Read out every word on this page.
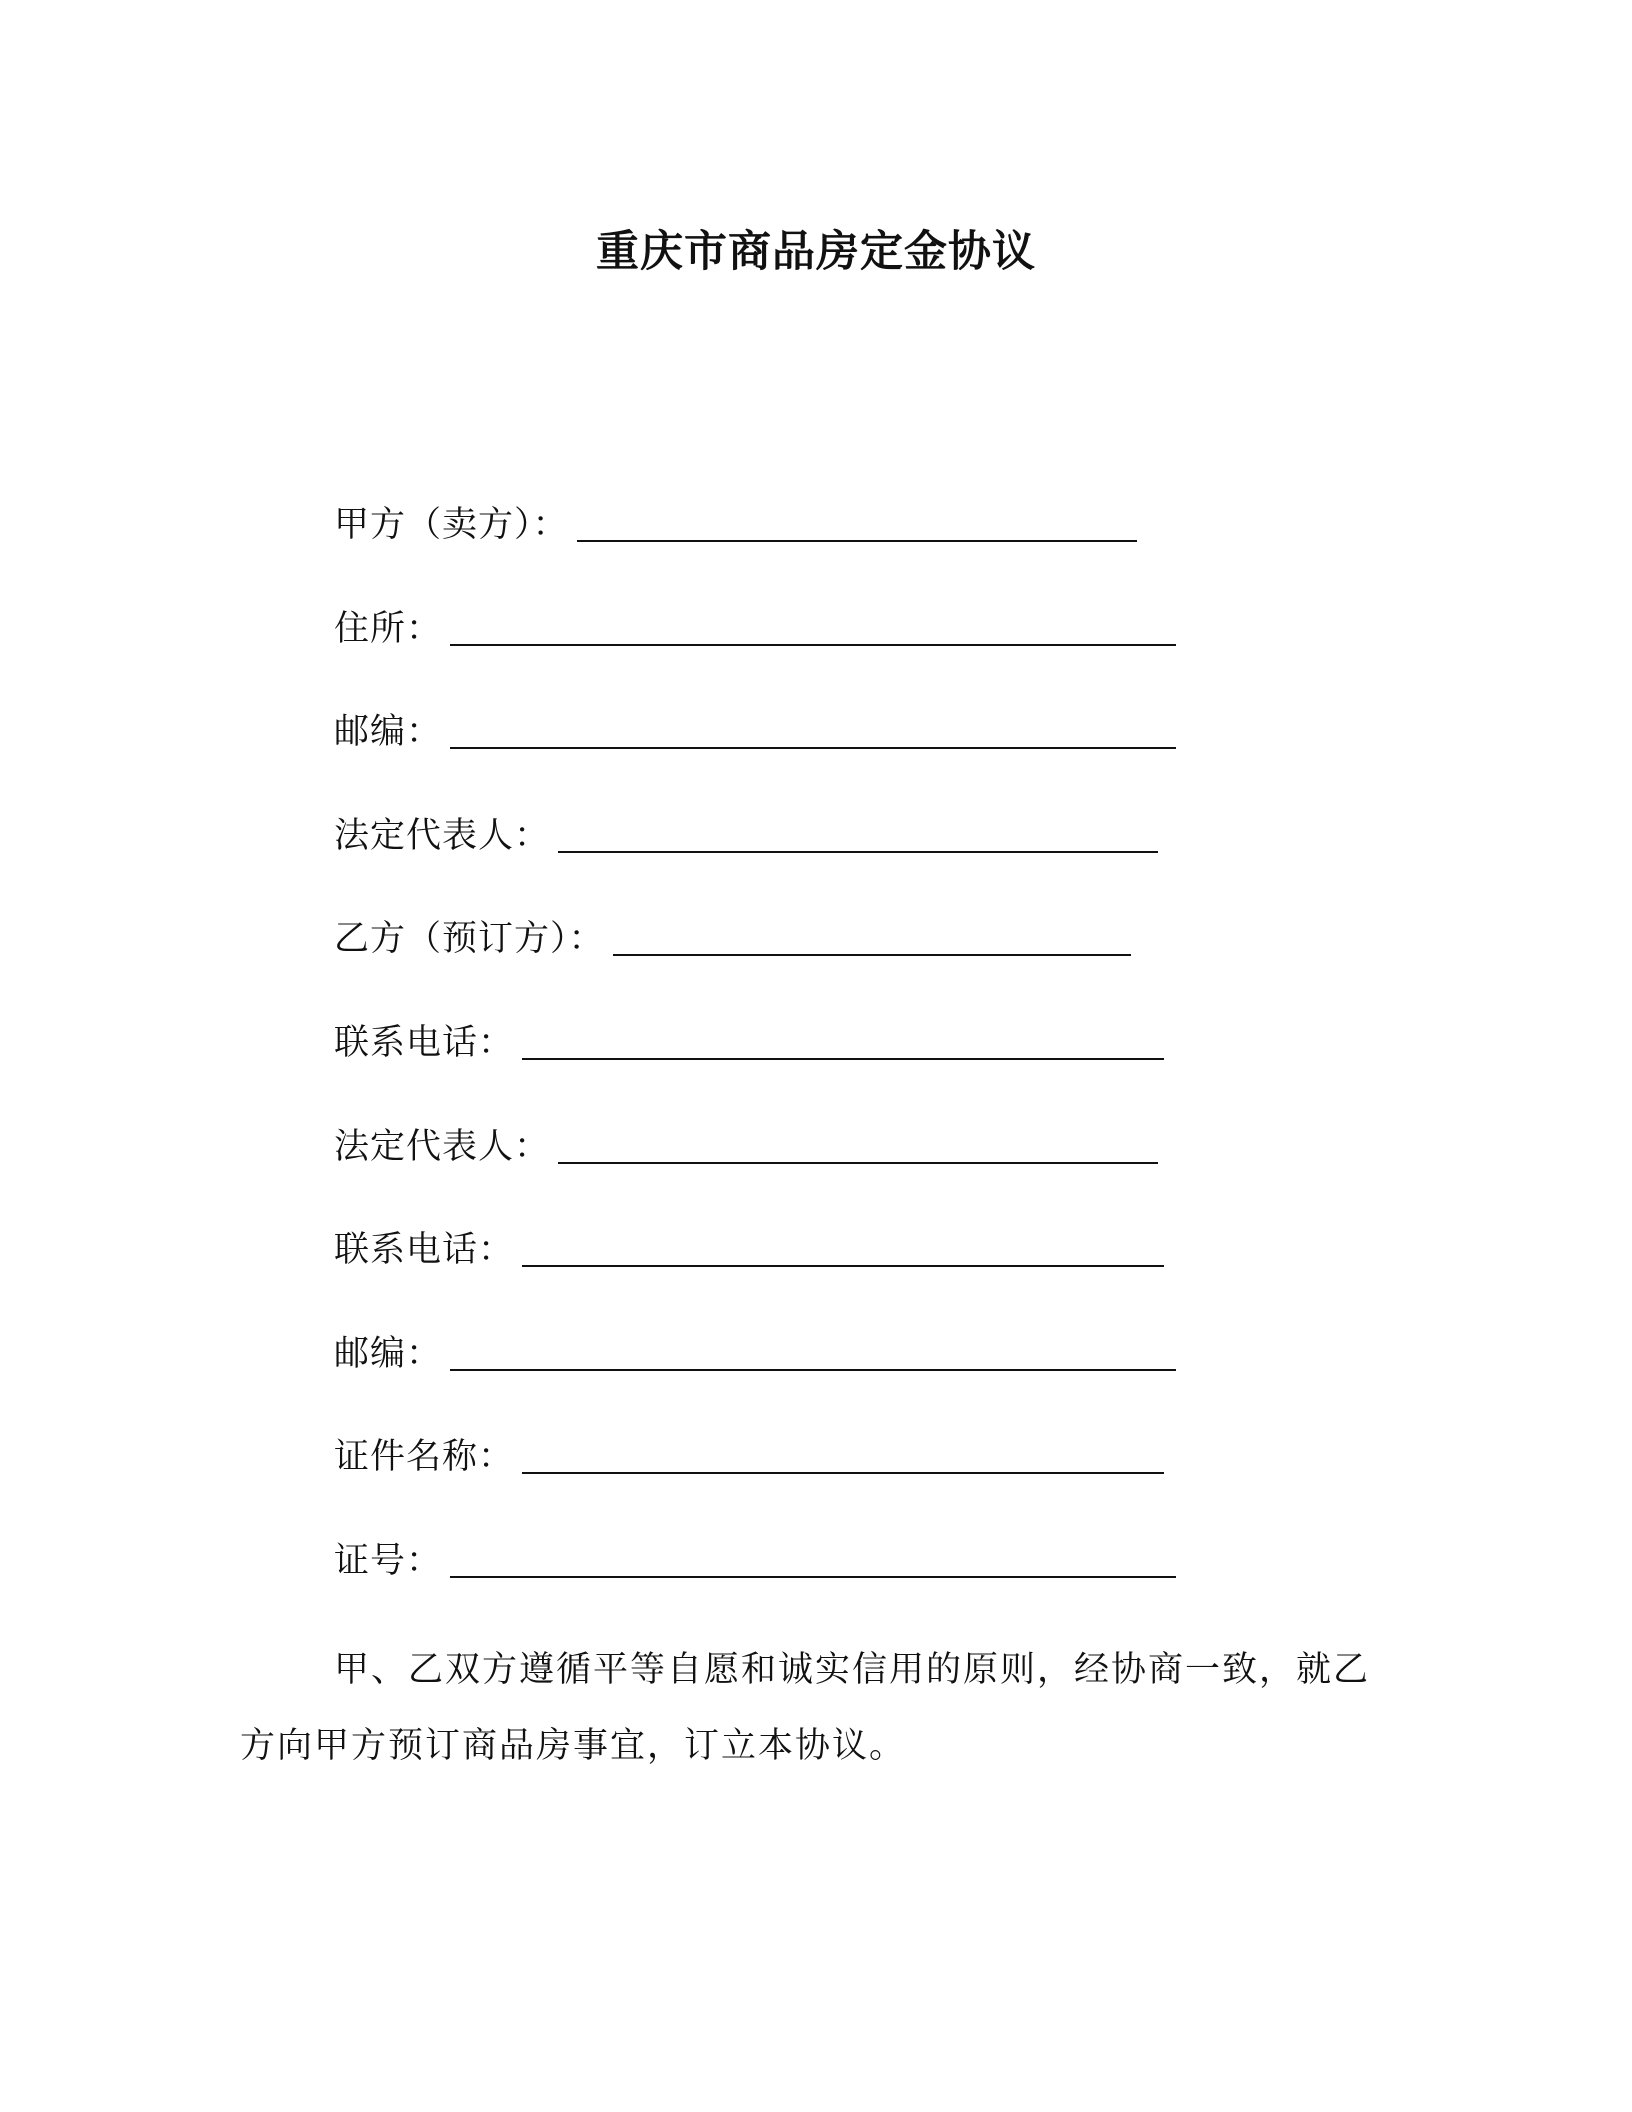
重庆市商品房定金协议
甲方（卖方）：
住所：
邮编：
法定代表人：
乙方（预订方）：
联系电话：
法定代表人：
联系电话：
邮编：
证件名称：
证号：

甲、乙双方遵循平等自愿和诚实信用的原则，经协商一致，就乙方向甲方预订商品房事宜，订立本协议。
